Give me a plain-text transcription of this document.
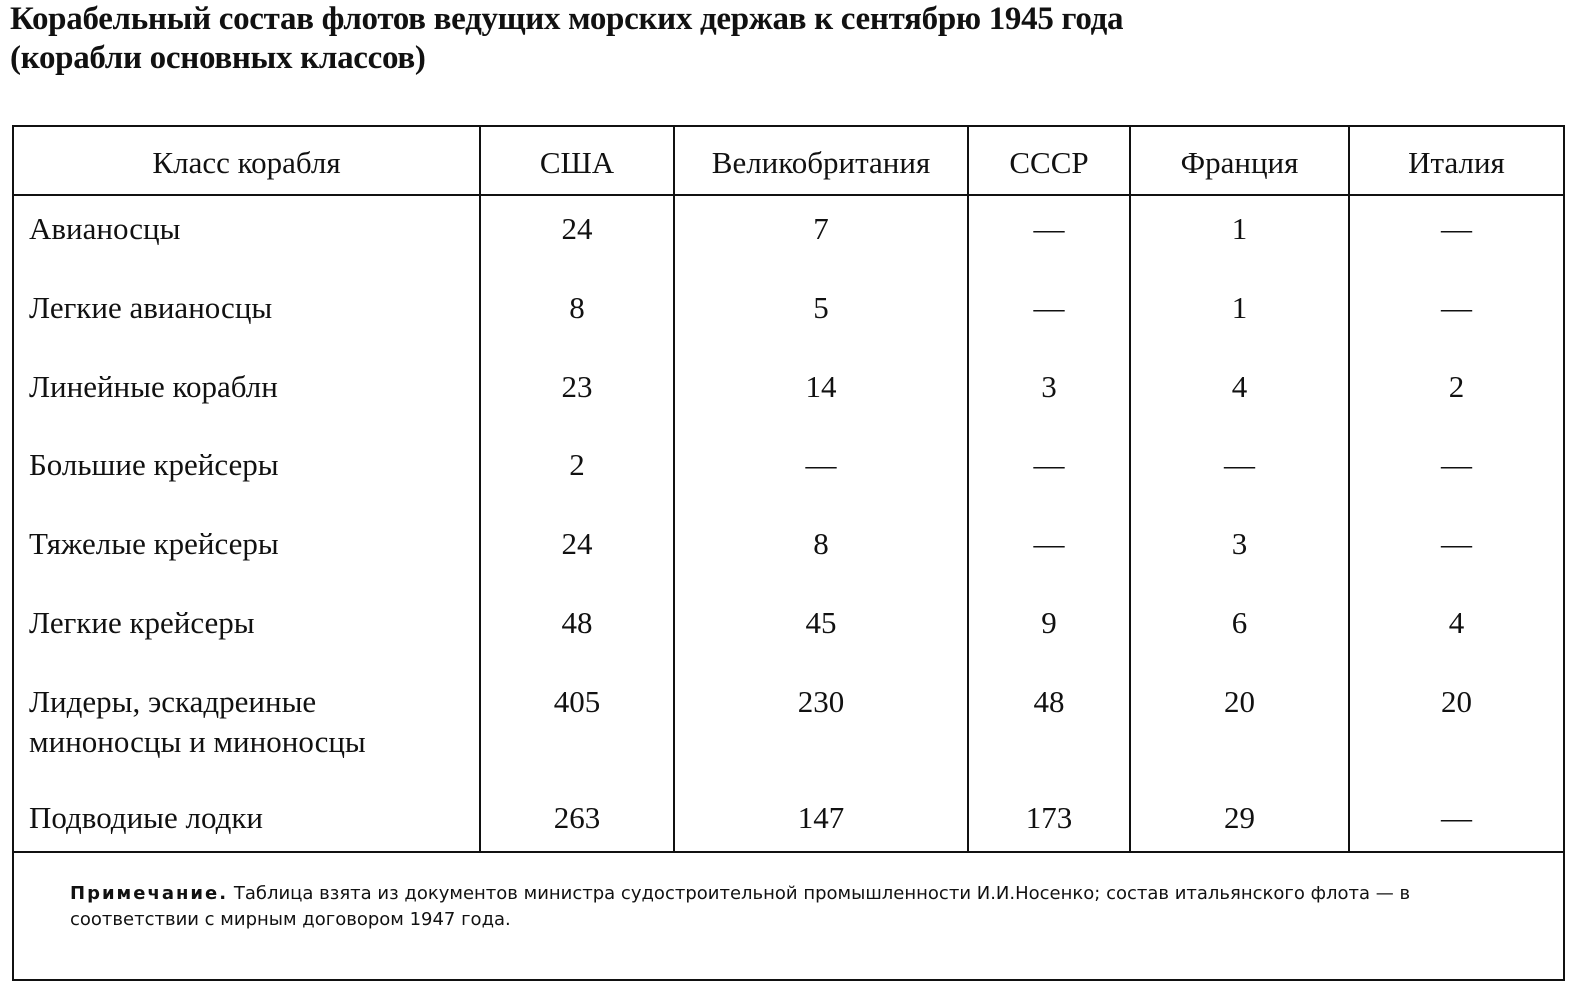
Корабельный состав флотов ведущих морских держав к сентябрю 1945 года
(корабли основных классов)
Класс корабля	США	Великобритания	СССР	Франция	Италия
Авианосцы	24	7	—	1	—
Легкие авианосцы	8	5	—	1	—
Линейные кораблн	23	14	3	4	2
Большие крейсеры	2	—	—	—	—
Тяжелые крейсеры	24	8	—	3	—
Легкие крейсеры	48	45	9	6	4
Лидеры, эскадреиные
миноносцы и миноносцы
405	230	48	20	20
Подводиые лодки	263	147	173	29	—
Примечание. Таблица взята из документов министра судостроительной промышленности И.И.Носенко; состав итальянского флота — в соответствии с мирным договором 1947 года.
